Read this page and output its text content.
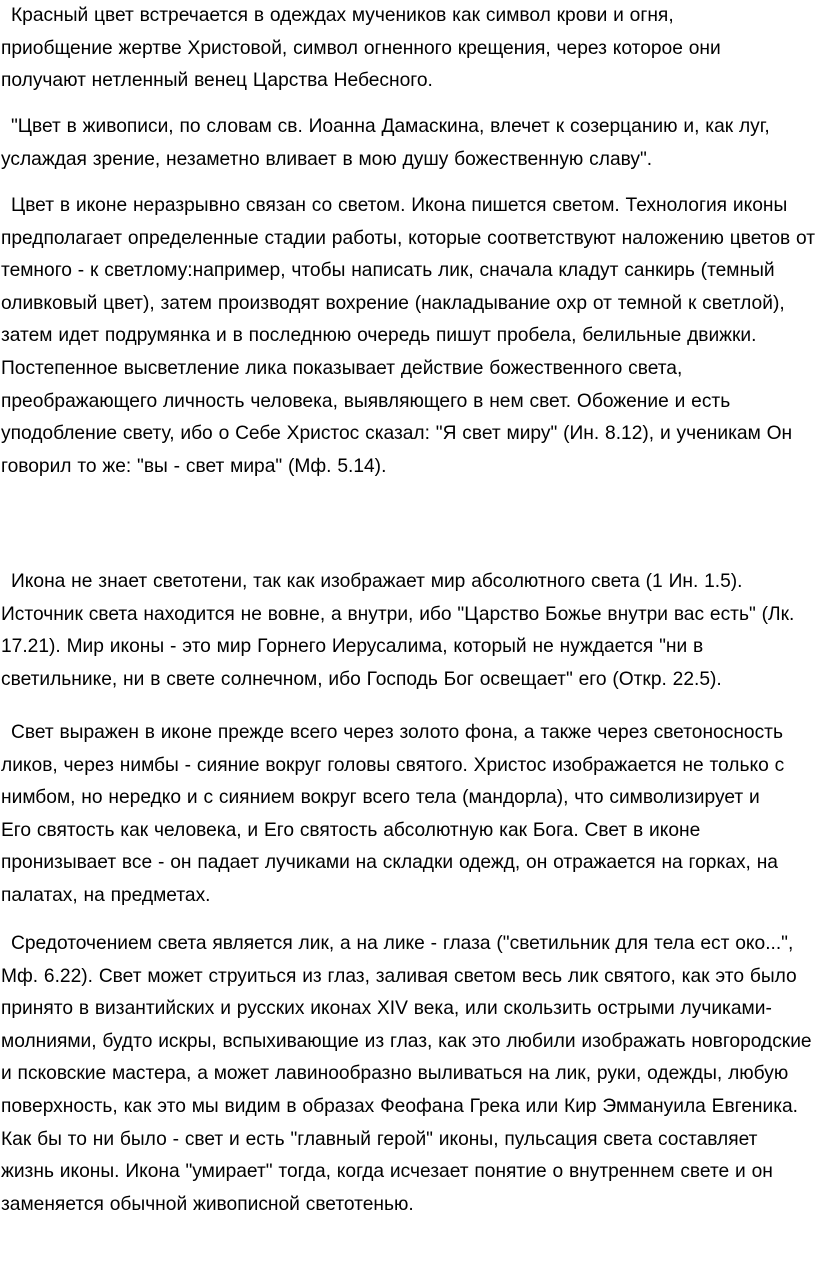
Красный цвет встречается в одеждах мучеников как символ крови и огня, приобщение жертве Христовой, символ огненного крещения, через которое они получают нетленный венец Царства Небесного.

"Цвет в живописи, по словам св. Иоанна Дамаскина, влечет к созерцанию и, как луг, услаждая зрение, незаметно вливает в мою душу божественную славу".

Цвет в иконе неразрывно связан со светом. Икона пишется светом. Технология иконы предполагает определенные стадии работы, которые соответствуют наложению цветов от темного - к светлому:например, чтобы написать лик, сначала кладут санкирь (темный оливковый цвет), затем производят вохрение (накладывание охр от темной к светлой), затем идет подрумянка и в последнюю очередь пишут пробела, белильные движки. Постепенное высветление лика показывает действие божественного света, преображающего личность человека, выявляющего в нем свет. Обожение и есть уподобление свету, ибо о Себе Христос сказал: "Я свет миру" (Ин. 8.12), и ученикам Он говорил то же: "вы - свет мира" (Мф. 5.14).

Икона не знает светотени, так как изображает мир абсолютного света (1 Ин. 1.5). Источник света находится не вовне, а внутри, ибо "Царство Божье внутри вас есть" (Лк. 17.21). Мир иконы - это мир Горнего Иерусалима, который не нуждается "ни в светильнике, ни в свете солнечном, ибо Господь Бог освещает" его (Откр. 22.5).

Свет выражен в иконе прежде всего через золото фона, а также через светоносность ликов, через нимбы - сияние вокруг головы святого. Христос изображается не только с нимбом, но нередко и с сиянием вокруг всего тела (мандорла), что символизирует и Его святость как человека, и Его святость абсолютную как Бога. Свет в иконе пронизывает все - он падает лучиками на складки одежд, он отражается на горках, на палатах, на предметах.

Средоточением света является лик, а на лике - глаза ("светильник для тела ест око...", Мф. 6.22). Свет может струиться из глаз, заливая светом весь лик святого, как это было принято в византийских и русских иконах XIV века, или скользить острыми лучиками-молниями, будто искры, вспыхивающие из глаз, как это любили изображать новгородские и псковские мастера, а может лавинообразно выливаться на лик, руки, одежды, любую поверхность, как это мы видим в образах Феофана Грека или Кир Эммануила Евгеника. Как бы то ни было - свет и есть "главный герой" иконы, пульсация света составляет жизнь иконы. Икона "умирает" тогда, когда исчезает понятие о внутреннем свете и он заменяется обычной живописной светотенью.
